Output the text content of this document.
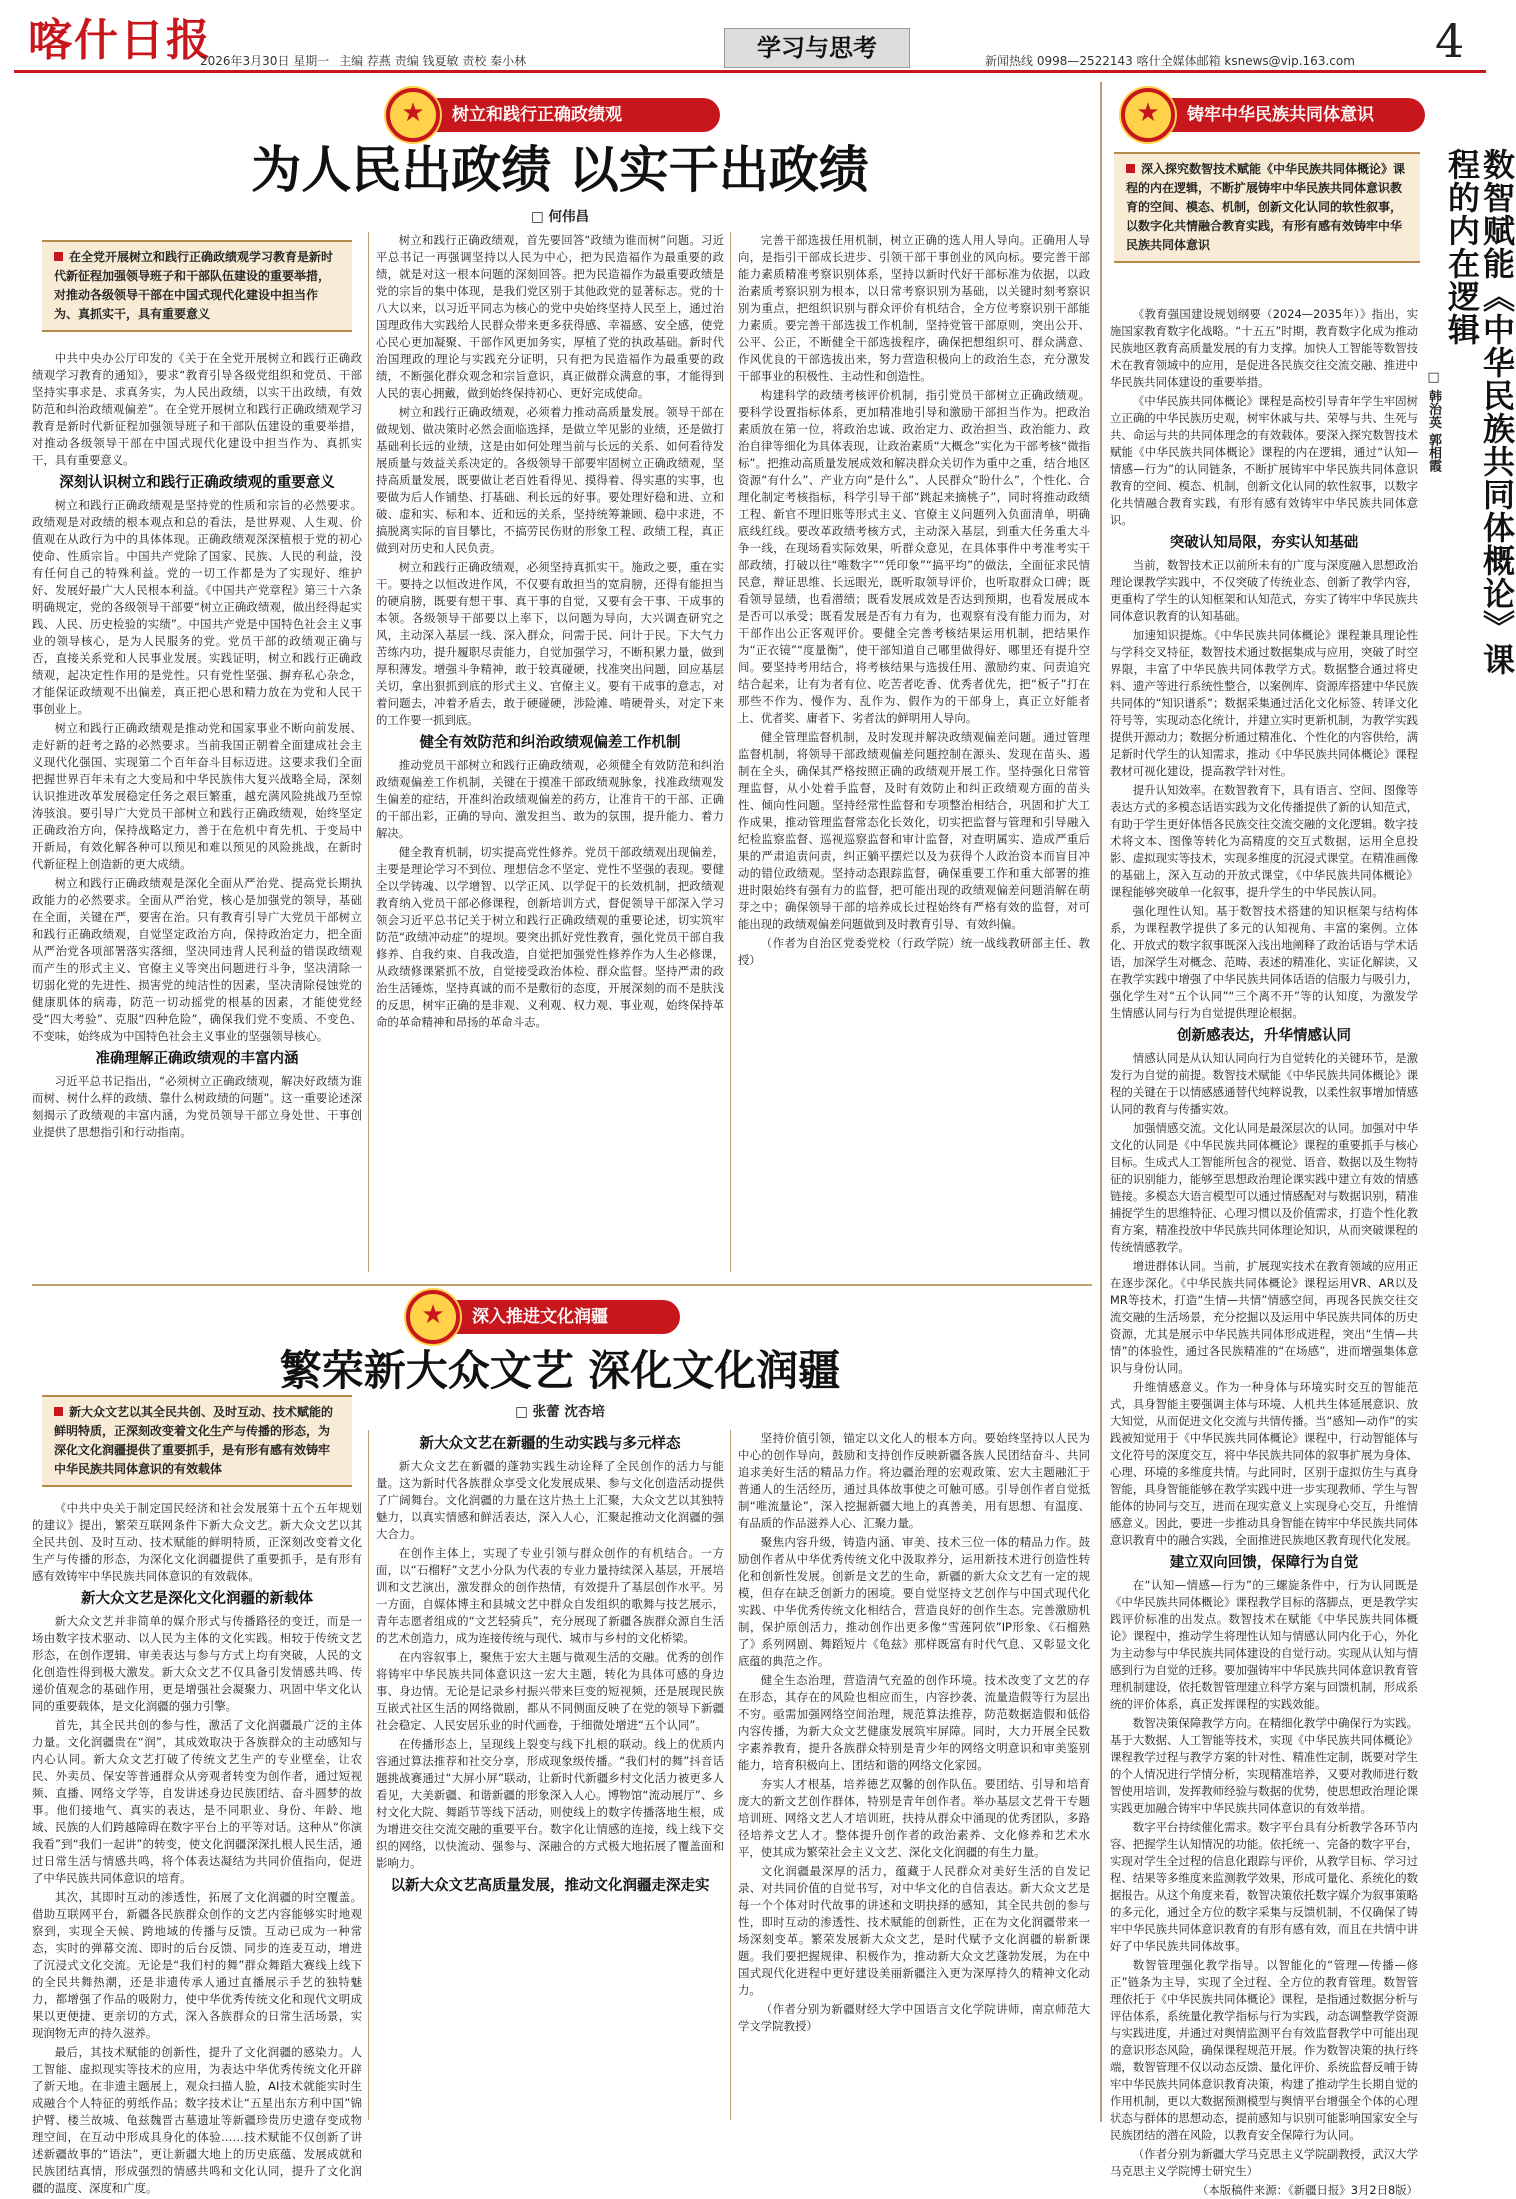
喀什日报
2026年3月30日 星期一 主编 荐燕 责编 钱夏敏 责校 秦小林	学习与思考	新闻热线 0998—2522143 喀什全媒体邮箱 ksnews@vip.163.com 4
★
树立和践行正确政绩观
为人民出政绩 以实干出政绩
□ 何伟昌
在全党开展树立和践行正确政绩观学习教育是新时代新征程加强领导班子和干部队伍建设的重要举措，对推动各级领导干部在中国式现代化建设中担当作为、真抓实干，具有重要意义

中共中央办公厅印发的《关于在全党开展树立和践行正确政绩观学习教育的通知》，要求“教育引导各级党组织和党员、干部坚持实事求是、求真务实，为人民出政绩，以实干出政绩，有效防范和纠治政绩观偏差”。在全党开展树立和践行正确政绩观学习教育是新时代新征程加强领导班子和干部队伍建设的重要举措，对推动各级领导干部在中国式现代化建设中担当作为、真抓实干，具有重要意义。

深刻认识树立和践行正确政绩观的重要意义

树立和践行正确政绩观是坚持党的性质和宗旨的必然要求。政绩观是对政绩的根本观点和总的看法，是世界观、人生观、价值观在从政行为中的具体体现。正确政绩观深深植根于党的初心使命、性质宗旨。中国共产党除了国家、民族、人民的利益，没有任何自己的特殊利益。党的一切工作都是为了实现好、维护好、发展好最广大人民根本利益。《中国共产党章程》第三十六条明确规定，党的各级领导干部要“树立正确政绩观，做出经得起实践、人民、历史检验的实绩”。中国共产党是中国特色社会主义事业的领导核心，是为人民服务的党。党员干部的政绩观正确与否，直接关系党和人民事业发展。实践证明，树立和践行正确政绩观，起决定性作用的是党性。只有党性坚强、摒弃私心杂念，才能保证政绩观不出偏差，真正把心思和精力放在为党和人民干事创业上。

树立和践行正确政绩观是推动党和国家事业不断向前发展、走好新的赶考之路的必然要求。当前我国正朝着全面建成社会主义现代化强国、实现第二个百年奋斗目标迈进。这要求我们全面把握世界百年未有之大变局和中华民族伟大复兴战略全局，深刻认识推进改革发展稳定任务之艰巨繁重，越充满风险挑战乃至惊涛骇浪。要引导广大党员干部树立和践行正确政绩观，始终坚定正确政治方向，保持战略定力，善于在危机中育先机、于变局中开新局，有效化解各种可以预见和难以预见的风险挑战，在新时代新征程上创造新的更大成绩。

树立和践行正确政绩观是深化全面从严治党、提高党长期执政能力的必然要求。全面从严治党，核心是加强党的领导，基础在全面，关键在严，要害在治。只有教育引导广大党员干部树立和践行正确政绩观，自觉坚定政治方向，保持政治定力，把全面从严治党各项部署落实落细，坚决同违背人民利益的错误政绩观而产生的形式主义、官僚主义等突出问题进行斗争，坚决清除一切弱化党的先进性、损害党的纯洁性的因素，坚决清除侵蚀党的健康肌体的病毒，防范一切动摇党的根基的因素，才能使党经受“四大考验”、克服“四种危险”，确保我们党不变质、不变色、不变味，始终成为中国特色社会主义事业的坚强领导核心。

准确理解正确政绩观的丰富内涵

习近平总书记指出，“必须树立正确政绩观，解决好政绩为谁而树、树什么样的政绩、靠什么树政绩的问题”。这一重要论述深刻揭示了政绩观的丰富内涵，为党员领导干部立身处世、干事创业提供了思想指引和行动指南。

树立和践行正确政绩观，首先要回答“政绩为谁而树”问题。习近平总书记一再强调坚持以人民为中心，把为民造福作为最重要的政绩，就是对这一根本问题的深刻回答。把为民造福作为最重要政绩是党的宗旨的集中体现，是我们党区别于其他政党的显著标志。党的十八大以来，以习近平同志为核心的党中央始终坚持人民至上，通过治国理政伟大实践给人民群众带来更多获得感、幸福感、安全感，使党心民心更加凝聚、干部作风更加务实，厚植了党的执政基础。新时代治国理政的理论与实践充分证明，只有把为民造福作为最重要的政绩，不断强化群众观念和宗旨意识，真正做群众满意的事，才能得到人民的衷心拥戴，做到始终保持初心、更好完成使命。

树立和践行正确政绩观，必须着力推动高质量发展。领导干部在做规划、做决策时必然会面临选择，是做立竿见影的业绩，还是做打基础利长远的业绩，这是由如何处理当前与长远的关系、如何看待发展质量与效益关系决定的。各级领导干部要牢固树立正确政绩观，坚持高质量发展，既要做让老百姓看得见、摸得着、得实惠的实事，也要做为后人作铺垫、打基础、利长远的好事。要处理好稳和进、立和破、虚和实、标和本、近和远的关系，坚持统筹兼顾、稳中求进，不搞脱离实际的盲目攀比，不搞劳民伤财的形象工程、政绩工程，真正做到对历史和人民负责。

树立和践行正确政绩观，必须坚持真抓实干。施政之要，重在实干。要持之以恒改进作风，不仅要有敢担当的宽肩膀，还得有能担当的硬肩膀，既要有想干事、真干事的自觉，又要有会干事、干成事的本领。各级领导干部要以上率下，以问题为导向，大兴调查研究之风，主动深入基层一线、深入群众，问需于民、问计于民。下大气力苦练内功，提升履职尽责能力，自觉加强学习，不断积累力量，做到厚积薄发。增强斗争精神，敢于较真碰硬，找准突出问题，回应基层关切，拿出狠抓到底的形式主义、官僚主义。要有干成事的意志，对着问题去，冲着矛盾去，敢于硬碰硬，涉险滩、啃硬骨头，对定下来的工作要一抓到底。

健全有效防范和纠治政绩观偏差工作机制

推动党员干部树立和践行正确政绩观，必须健全有效防范和纠治政绩观偏差工作机制，关键在于摸准干部政绩观脉象，找准政绩观发生偏差的症结，开准纠治政绩观偏差的药方，让准肯干的干部、正确的干部出彩，正确的导向、激发担当、敢为的氛围，提升能力、着力解决。

健全教育机制，切实提高党性修养。党员干部政绩观出现偏差，主要是理论学习不到位、理想信念不坚定、党性不坚强的表现。要健全以学铸魂、以学增智、以学正风、以学促干的长效机制，把政绩观教育纳入党员干部必修课程，创新培训方式，督促领导干部深入学习领会习近平总书记关于树立和践行正确政绩观的重要论述，切实筑牢防范“政绩冲动症”的堤坝。要突出抓好党性教育，强化党员干部自我修养、自我约束、自我改造，自觉把加强党性修养作为人生必修课，从政绩修课紧抓不放，自觉接受政治体检、群众监督。坚持严肃的政治生活锤炼，坚持真诚的而不是敷衍的态度，开展深刻的而不是肤浅的反思，树牢正确的是非观、义利观、权力观、事业观，始终保持革命的革命精神和昂扬的革命斗志。

完善干部选拔任用机制，树立正确的选人用人导向。正确用人导向，是指引干部成长进步、引领干部干事创业的风向标。要完善干部能力素质精准考察识别体系，坚持以新时代好干部标准为依据，以政治素质考察识别为根本，以日常考察识别为基础，以关键时刻考察识别为重点，把组织识别与群众评价有机结合，全方位考察识别干部能力素质。要完善干部选拔工作机制，坚持党管干部原则，突出公开、公平、公正，不断健全干部选拔程序，确保把想组织可、群众满意、作风优良的干部选拔出来，努力营造积极向上的政治生态，充分激发干部事业的积极性、主动性和创造性。

构建科学的政绩考核评价机制，指引党员干部树立正确政绩观。要科学设置指标体系，更加精准地引导和激励干部担当作为。把政治素质放在第一位，将政治忠诚、政治定力、政治担当、政治能力、政治自律等细化为具体表现，让政治素质“大概念”实化为干部考核“微指标”。把推动高质量发展成效和解决群众关切作为重中之重，结合地区资源“有什么”、产业方向“是什么”、人民群众“盼什么”，个性化、合理化制定考核指标，科学引导干部“跳起来摘桃子”，同时将推动政绩工程、新官不理旧账等形式主义、官僚主义问题列入负面清单，明确底线红线。要改革政绩考核方式，主动深入基层，到重大任务重大斗争一线，在现场看实际效果，听群众意见，在具体事件中考准考实干部政绩，打破以往“唯数字”“凭印象”“搞平均”的做法，全面征求民情民意，辩证思维、长远眼光，既听取领导评价，也听取群众口碑；既看领导显绩，也看潜绩；既看发展成效是否达到预期，也看发展成本是否可以承受；既看发展是否有力有为，也观察有没有能力而为，对干部作出公正客观评价。要健全完善考核结果运用机制，把结果作为“正衣镜”“度量衡”，使干部知道自己哪里做得好、哪里还有提升空间。要坚持考用结合，将考核结果与选拔任用、激励约束、问责追究结合起来，让有为者有位、吃苦者吃香、优秀者优先，把“板子”打在那些不作为、慢作为、乱作为、假作为的干部身上，真正立好能者上、优者奖、庸者下、劣者汰的鲜明用人导向。

健全管理监督机制，及时发现并解决政绩观偏差问题。通过管理监督机制，将领导干部政绩观偏差问题控制在源头、发现在苗头、遏制在全头，确保其严格按照正确的政绩观开展工作。坚持强化日常管理监督，从小处着手监督，及时有效防止和纠正政绩观方面的苗头性、倾向性问题。坚持经常性监督和专项整治相结合，巩固和扩大工作成果，推动管理监督常态化长效化，切实把监督与管理和引导融入纪检监察监督、巡视巡察监督和审计监督，对查明属实、造成严重后果的严肃追责问责，纠正躺平摆烂以及为获得个人政治资本而盲目冲动的错位政绩观。坚持动态跟踪监督，确保重要工作和重大部署的推进时限始终有强有力的监督，把可能出现的政绩观偏差问题消解在萌芽之中；确保领导干部的培养成长过程始终有严格有效的监督，对可能出现的政绩观偏差问题做到及时教育引导、有效纠偏。

（作者为自治区党委党校（行政学院）统一战线教研部主任、教授）

★
深入推进文化润疆
繁荣新大众文艺 深化文化润疆
□ 张蕾 沈杏培
新大众文艺以其全民共创、及时互动、技术赋能的鲜明特质，正深刻改变着文化生产与传播的形态，为深化文化润疆提供了重要抓手，是有形有感有效铸牢中华民族共同体意识的有效载体

《中共中央关于制定国民经济和社会发展第十五个五年规划的建议》提出，繁荣互联网条件下新大众文艺。新大众文艺以其全民共创、及时互动、技术赋能的鲜明特质，正深刻改变着文化生产与传播的形态，为深化文化润疆提供了重要抓手，是有形有感有效铸牢中华民族共同体意识的有效载体。

新大众文艺是深化文化润疆的新载体

新大众文艺并非简单的媒介形式与传播路径的变迁，而是一场由数字技术驱动、以人民为主体的文化实践。相较于传统文艺形态，在创作逻辑、审美表达与参与方式上均有突破，人民的文化创造性得到极大激发。新大众文艺不仅具备引发情感共鸣、传递价值观念的基础作用，更是增强社会凝聚力、巩固中华文化认同的重要载体，是文化润疆的强力引擎。

首先，其全民共创的参与性，激活了文化润疆最广泛的主体力量。文化润疆贵在“润”，其成效取决于各族群众的主动感知与内心认同。新大众文艺打破了传统文艺生产的专业壁垒，让农民、外卖员、保安等普通群众从旁观者转变为创作者，通过短视频、直播、网络文学等，自发讲述身边民族团结、奋斗圆梦的故事。他们接地气、真实的表达，是不同职业、身份、年龄、地域、民族的人们跨越障碍在数字平台上的平等对话。这种从“你演我看”到“我们一起讲”的转变，使文化润疆深深扎根人民生活，通过日常生活与情感共鸣，将个体表达凝结为共同价值指向，促进了中华民族共同体意识的培育。

其次，其即时互动的渗透性，拓展了文化润疆的时空覆盖。借助互联网平台，新疆各民族群众创作的文艺内容能够实时地观察到，实现全天候、跨地域的传播与反馈。互动已成为一种常态，实时的弹幕交流、即时的后台反馈、同步的连麦互动，增进了沉浸式文化交流。无论是“我们村的舞”群众舞蹈大赛线上线下的全民共舞热潮，还是非遗传承人通过直播展示手艺的独特魅力，都增强了作品的吸附力，使中华优秀传统文化和现代文明成果以更便捷、更亲切的方式，深入各族群众的日常生活场景，实现润物无声的持久滋养。

最后，其技术赋能的创新性，提升了文化润疆的感染力。人工智能、虚拟现实等技术的应用，为表达中华优秀传统文化开辟了新天地。在非遗主题展上，观众扫描人脸，AI技术就能实时生成融合个人特征的剪纸作品；数字技术让“五星出东方利中国”锦护臂、楼兰故城、龟兹魏晋古墓遗址等新疆珍贵历史遗存变成物理空间，在互动中形成具身化的体验……技术赋能不仅创新了讲述新疆故事的“语法”，更让新疆大地上的历史底蕴、发展成就和民族团结真情，形成强烈的情感共鸣和文化认同，提升了文化润疆的温度、深度和广度。

新大众文艺在新疆的生动实践与多元样态

新大众文艺在新疆的蓬勃实践生动诠释了全民创作的活力与能量。这为新时代各族群众享受文化发展成果、参与文化创造活动提供了广阔舞台。文化润疆的力量在这片热土上汇聚，大众文艺以其独特魅力，以真实情感和鲜活表达，深入人心，汇聚起推动文化润疆的强大合力。

在创作主体上，实现了专业引领与群众创作的有机结合。一方面，以“石榴籽”文艺小分队为代表的专业力量持续深入基层，开展培训和文艺演出，激发群众的创作热情，有效提升了基层创作水平。另一方面，自媒体博主和县城文艺中群众自发组织的歌舞与技艺展示，青年志愿者组成的“文艺轻骑兵”，充分展现了新疆各族群众源自生活的艺术创造力，成为连接传统与现代、城市与乡村的文化桥梁。

在内容叙事上，聚焦于宏大主题与微观生活的交融。优秀的创作将铸牢中华民族共同体意识这一宏大主题，转化为具体可感的身边事、身边情。无论是记录乡村振兴带来巨变的短视频，还是展现民族互嵌式社区生活的网络微剧，都从不同侧面反映了在党的领导下新疆社会稳定、人民安居乐业的时代画卷，于细微处增进“五个认同”。

在传播形态上，呈现线上裂变与线下扎根的联动。线上的优质内容通过算法推荐和社交分享，形成现象级传播。“我们村的舞”抖音话题挑战赛通过“大屏小屏”联动，让新时代新疆乡村文化活力被更多人看见，大美新疆、和谐新疆的形象深入人心。博物馆“流动展厅”、乡村文化大院、舞蹈节等线下活动，则使线上的数字传播落地生根，成为增进交往交流交融的重要平台。数字化让情感的连接，线上线下交织的网络，以快流动、强参与、深融合的方式极大地拓展了覆盖面和影响力。

以新大众文艺高质量发展，推动文化润疆走深走实

坚持价值引领，锚定以文化人的根本方向。要始终坚持以人民为中心的创作导向，鼓励和支持创作反映新疆各族人民团结奋斗、共同追求美好生活的精品力作。将边疆治理的宏观政策、宏大主题融汇于普通人的生活经历，通过具体故事使之可触可感。引导创作者自觉抵制“唯流量论”，深入挖掘新疆大地上的真善美，用有思想、有温度、有品质的作品滋养人心、汇聚力量。

聚焦内容升级，铸造内涵、审美、技术三位一体的精品力作。鼓励创作者从中华优秀传统文化中汲取养分，运用新技术进行创造性转化和创新性发展。创新是文艺的生命，新疆的新大众文艺有一定的规模，但存在缺乏创新力的困境。要自觉坚持文艺创作与中国式现代化实践、中华优秀传统文化相结合，营造良好的创作生态。完善激励机制，保护原创活力，推动创作出更多像“雪莲阿依”IP形象、《石榴熟了》系列网剧、舞蹈短片《龟兹》那样既富有时代气息、又彰显文化底蕴的典范之作。

健全生态治理，营造清气充盈的创作环境。技术改变了文艺的存在形态，其存在的风险也相应而生，内容抄袭、流量造假等行为层出不穷。亟需加强网络空间治理，规范算法推荐，防范数据造假和低俗内容传播，为新大众文艺健康发展筑牢屏障。同时，大力开展全民数字素养教育，提升各族群众特别是青少年的网络文明意识和审美鉴别能力，培育积极向上、团结和谐的网络文化家园。

夯实人才根基，培养德艺双馨的创作队伍。要团结、引导和培育庞大的新文艺创作群体，特别是青年创作者。举办基层文艺骨干专题培训班、网络文艺人才培训班，扶持从群众中涌现的优秀团队，多路径培养文艺人才。整体提升创作者的政治素养、文化修养和艺术水平，使其成为繁荣社会主义文艺、深化文化润疆的有生力量。

文化润疆最深厚的活力，蕴藏于人民群众对美好生活的自发记录、对共同价值的自觉书写，对中华文化的自信表达。新大众文艺是每一个个体对时代故事的讲述和文明抉择的感知，其全民共创的参与性，即时互动的渗透性、技术赋能的创新性，正在为文化润疆带来一场深刻变革。繁荣发展新大众文艺，是时代赋予文化润疆的崭新课题。我们要把握规律、积极作为，推动新大众文艺蓬勃发展，为在中国式现代化进程中更好建设美丽新疆注入更为深厚持久的精神文化动力。

（作者分别为新疆财经大学中国语言文化学院讲师，南京师范大学文学院教授）

★
铸牢中华民族共同体意识
深入探究数智技术赋能《中华民族共同体概论》课程的内在逻辑，不断扩展铸牢中华民族共同体意识教育的空间、模态、机制，创新文化认同的软性叙事，以数字化共情融合教育实践，有形有感有效铸牢中华民族共同体意识	数智赋能《中华民族共同体概论》课程的内在逻辑
□ 韩治英 郭相霞

《教育强国建设规划纲要（2024—2035年）》指出，实施国家教育数字化战略。“十五五”时期，教育数字化成为推动民族地区教育高质量发展的有力支撑。加快人工智能等数智技术在教育领域中的应用，是促进各民族交往交流交融、推进中华民族共同体建设的重要举措。

《中华民族共同体概论》课程是高校引导青年学生牢固树立正确的中华民族历史观，树牢休戚与共、荣辱与共、生死与共、命运与共的共同体理念的有效载体。要深入探究数智技术赋能《中华民族共同体概论》课程的内在逻辑，通过“认知—情感—行为”的认同链条，不断扩展铸牢中华民族共同体意识教育的空间、模态、机制，创新文化认同的软性叙事，以数字化共情融合教育实践，有形有感有效铸牢中华民族共同体意识。

突破认知局限，夯实认知基础

当前，数智技术正以前所未有的广度与深度融入思想政治理论课教学实践中，不仅突破了传统业态、创新了教学内容，更重构了学生的认知框架和认知范式，夯实了铸牢中华民族共同体意识教育的认知基础。

加速知识提炼。《中华民族共同体概论》课程兼具理论性与学科交叉特征，数智技术通过数据集成与应用，突破了时空界限，丰富了中华民族共同体教学方式。数据整合通过将史料、遗产等进行系统性整合，以案例库、资源库搭建中华民族共同体的“知识谱系”；数据采集通过活化文化标签、转译文化符号等，实现动态化统计，并建立实时更新机制，为教学实践提供开源动力；数据分析通过精准化、个性化的内容供给，满足新时代学生的认知需求，推动《中华民族共同体概论》课程教材可视化建设，提高教学针对性。

提升认知效率。在数智教育下，具有语言、空间、图像等表达方式的多模态话语实践为文化传播提供了新的认知范式，有助于学生更好体悟各民族交往交流交融的文化逻辑。数字技术将文本、图像等转化为高精度的交互式数据，运用全息投影、虚拟现实等技术，实现多维度的沉浸式课堂。在精准画像的基础上，深入互动的开放式课堂，《中华民族共同体概论》课程能够突破单一化叙事，提升学生的中华民族认同。

强化理性认知。基于数智技术搭建的知识框架与结构体系，为课程教学提供了多元的认知视角、丰富的案例。立体化、开放式的数字叙事既深入浅出地阐释了政治话语与学术话语，加深学生对概念、范畴、表述的精准化、实证化解读，又在教学实践中增强了中华民族共同体话语的信服力与吸引力，强化学生对“五个认同”“三个离不开”等的认知度，为激发学生情感认同与行为自觉提供理论根据。

创新感表达，升华情感认同

情感认同是从认知认同向行为自觉转化的关键环节，是激发行为自觉的前提。数智技术赋能《中华民族共同体概论》课程的关键在于以情感感通替代纯粹说教，以柔性叙事增加情感认同的教育与传播实效。

加强情感交流。文化认同是最深层次的认同。加强对中华文化的认同是《中华民族共同体概论》课程的重要抓手与核心目标。生成式人工智能所包含的视觉、语音、数据以及生物特征的识别能力，能够至思想政治理论课实践中建立有效的情感链接。多模态大语言模型可以通过情感配对与数据识别，精准捕捉学生的思维特征、心理习惯以及价值需求，打造个性化教育方案，精准投放中华民族共同体理论知识，从而突破课程的传统情感教学。

增进群体认同。当前，扩展现实技术在教育领域的应用正在逐步深化。《中华民族共同体概论》课程运用VR、AR以及MR等技术，打造“生情—共情”情感空间，再现各民族交往交流交融的生活场景，充分挖掘以及运用中华民族共同体的历史资源，尤其是展示中华民族共同体形成进程，突出“生情—共情”的体验性，通过各民族精准的“在场感”，进而增强集体意识与身份认同。

升维情感意义。作为一种身体与环境实时交互的智能范式，具身智能主要强调主体与环境、人机共生体延展意识、放大知觉，从而促进文化交流与共情传播。当“感知—动作”的实践被知觉用于《中华民族共同体概论》课程中，行动智能体与文化符号的深度交互，将中华民族共同体的叙事扩展为身体、心理、环境的多维度共情。与此同时，区别于虚拟仿生与真身智能，具身智能能够在教学实践中进一步实现教师、学生与智能体的协同与交互，进而在现实意义上实现身心交互，升维情感意义。因此，要进一步推动具身智能在铸牢中华民族共同体意识教育中的融合实践，全面推进民族地区教育现代化发展。

建立双向回馈，保障行为自觉

在“认知—情感—行为”的三螺旋条件中，行为认同既是《中华民族共同体概论》课程教学目标的落脚点，更是教学实践评价标准的出发点。数智技术在赋能《中华民族共同体概论》课程中，推动学生将理性认知与情感认同内化于心，外化为主动参与中华民族共同体建设的自觉行动。实现从认知与情感到行为自觉的迁移。要加强铸牢中华民族共同体意识教育管理机制建设，依托数智管理建立科学方案与回馈机制，形成系统的评价体系，真正发挥课程的实践效能。

数智决策保障教学方向。在精细化教学中确保行为实践。基于大数据、人工智能等技术，实现《中华民族共同体概论》课程教学过程与教学方案的针对性、精准性定制，既要对学生的个人情况进行学情分析，实现精准培养，又要对教师进行数智使用培训，发挥教师经验与数据的优势，使思想政治理论课实践更加融合铸牢中华民族共同体意识的有效举措。

数字平台持续催化需求。数字平台具有分析教学各环节内容、把握学生认知情况的功能。依托统一、完备的数字平台，实现对学生全过程的信息化跟踪与评价，从教学目标、学习过程、结果等多维度来监测教学效果，形成可量化、系统化的数据报告。从这个角度来看，数智决策依托数字媒介为叙事策略的多元化，通过全方位的数字采集与反馈机制，不仅确保了铸牢中华民族共同体意识教育的有形有感有效，而且在共情中讲好了中华民族共同体故事。

数智管理强化教学指导。以智能化的“管理—传播—修正”链条为主导，实现了全过程、全方位的教育管理。数智管理依托于《中华民族共同体概论》课程，是指通过数据分析与评估体系，系统量化教学指标与行为实践，动态调整教学资源与实践进度，并通过对舆情监测平台有效监督教学中可能出现的意识形态风险，确保课程规范开展。作为数智决策的执行终端，数智管理不仅以动态反馈、量化评价、系统监督反哺于铸牢中华民族共同体意识教育决策，构建了推动学生长期自觉的作用机制，更以大数据预测模型与舆情平台增强全个体的心理状态与群体的思想动态，提前感知与识别可能影响国家安全与民族团结的潜在风险，以教育安全保障行为认同。

（作者分别为新疆大学马克思主义学院副教授，武汉大学马克思主义学院博士研究生）

（本版稿件来源：《新疆日报》3月2日8版）
